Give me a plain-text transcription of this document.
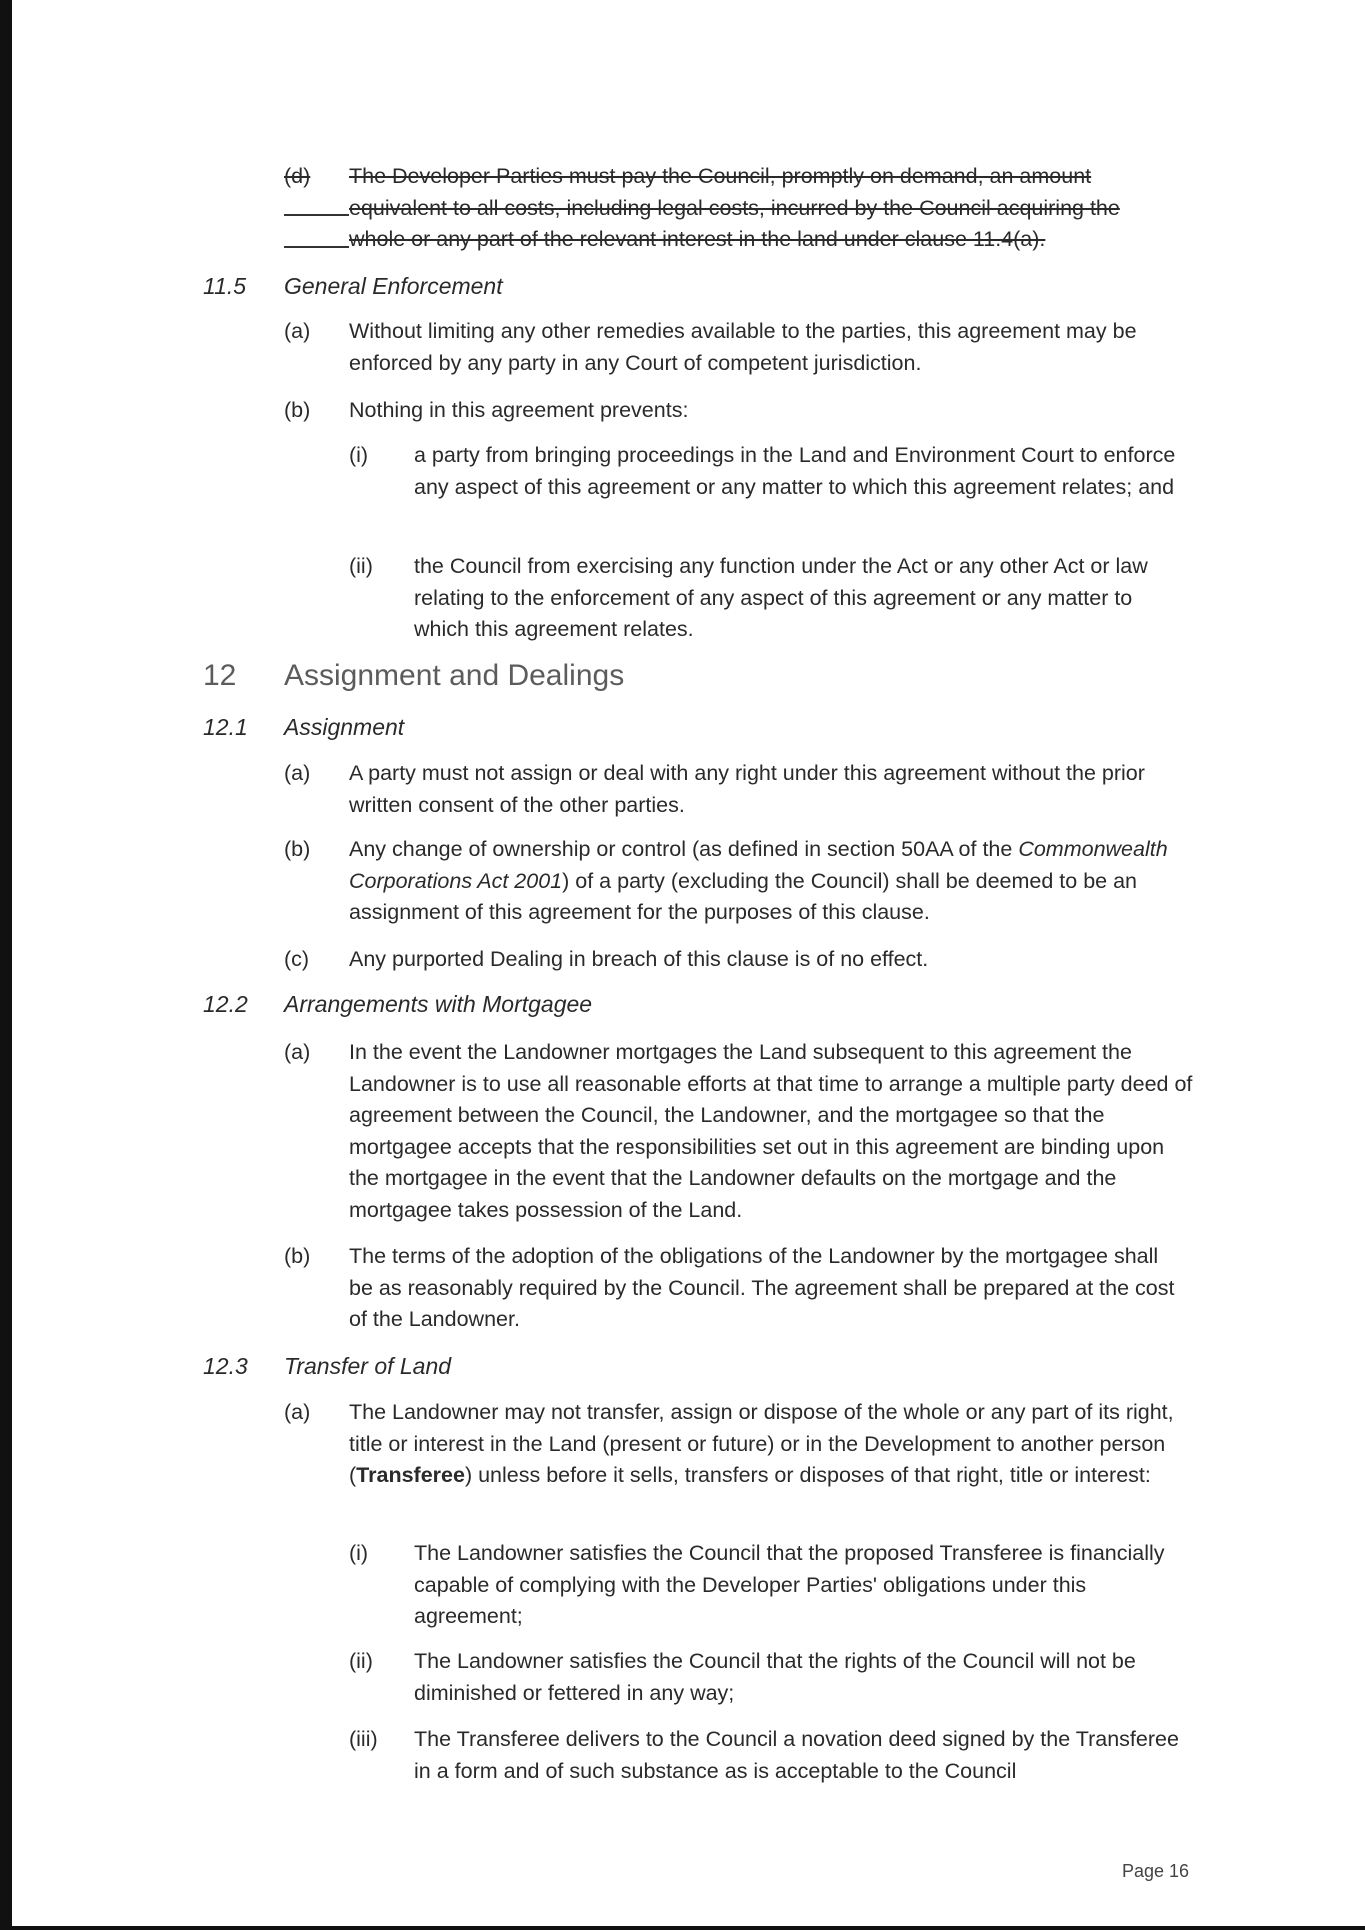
(d) The Developer Parties must pay the Council, promptly on demand, an amount equivalent to all costs, including legal costs, incurred by the Council acquiring the whole or any part of the relevant interest in the land under clause 11.4(a).
11.5 General Enforcement
(a) Without limiting any other remedies available to the parties, this agreement may be enforced by any party in any Court of competent jurisdiction.
(b) Nothing in this agreement prevents:
(i) a party from bringing proceedings in the Land and Environment Court to enforce any aspect of this agreement or any matter to which this agreement relates; and
(ii) the Council from exercising any function under the Act or any other Act or law relating to the enforcement of any aspect of this agreement or any matter to which this agreement relates.
12 Assignment and Dealings
12.1 Assignment
(a) A party must not assign or deal with any right under this agreement without the prior written consent of the other parties.
(b) Any change of ownership or control (as defined in section 50AA of the Commonwealth Corporations Act 2001) of a party (excluding the Council) shall be deemed to be an assignment of this agreement for the purposes of this clause.
(c) Any purported Dealing in breach of this clause is of no effect.
12.2 Arrangements with Mortgagee
(a) In the event the Landowner mortgages the Land subsequent to this agreement the Landowner is to use all reasonable efforts at that time to arrange a multiple party deed of agreement between the Council, the Landowner, and the mortgagee so that the mortgagee accepts that the responsibilities set out in this agreement are binding upon the mortgagee in the event that the Landowner defaults on the mortgage and the mortgagee takes possession of the Land.
(b) The terms of the adoption of the obligations of the Landowner by the mortgagee shall be as reasonably required by the Council. The agreement shall be prepared at the cost of the Landowner.
12.3 Transfer of Land
(a) The Landowner may not transfer, assign or dispose of the whole or any part of its right, title or interest in the Land (present or future) or in the Development to another person (Transferee) unless before it sells, transfers or disposes of that right, title or interest:
(i) The Landowner satisfies the Council that the proposed Transferee is financially capable of complying with the Developer Parties' obligations under this agreement;
(ii) The Landowner satisfies the Council that the rights of the Council will not be diminished or fettered in any way;
(iii) The Transferee delivers to the Council a novation deed signed by the Transferee in a form and of such substance as is acceptable to the Council
Page 16
